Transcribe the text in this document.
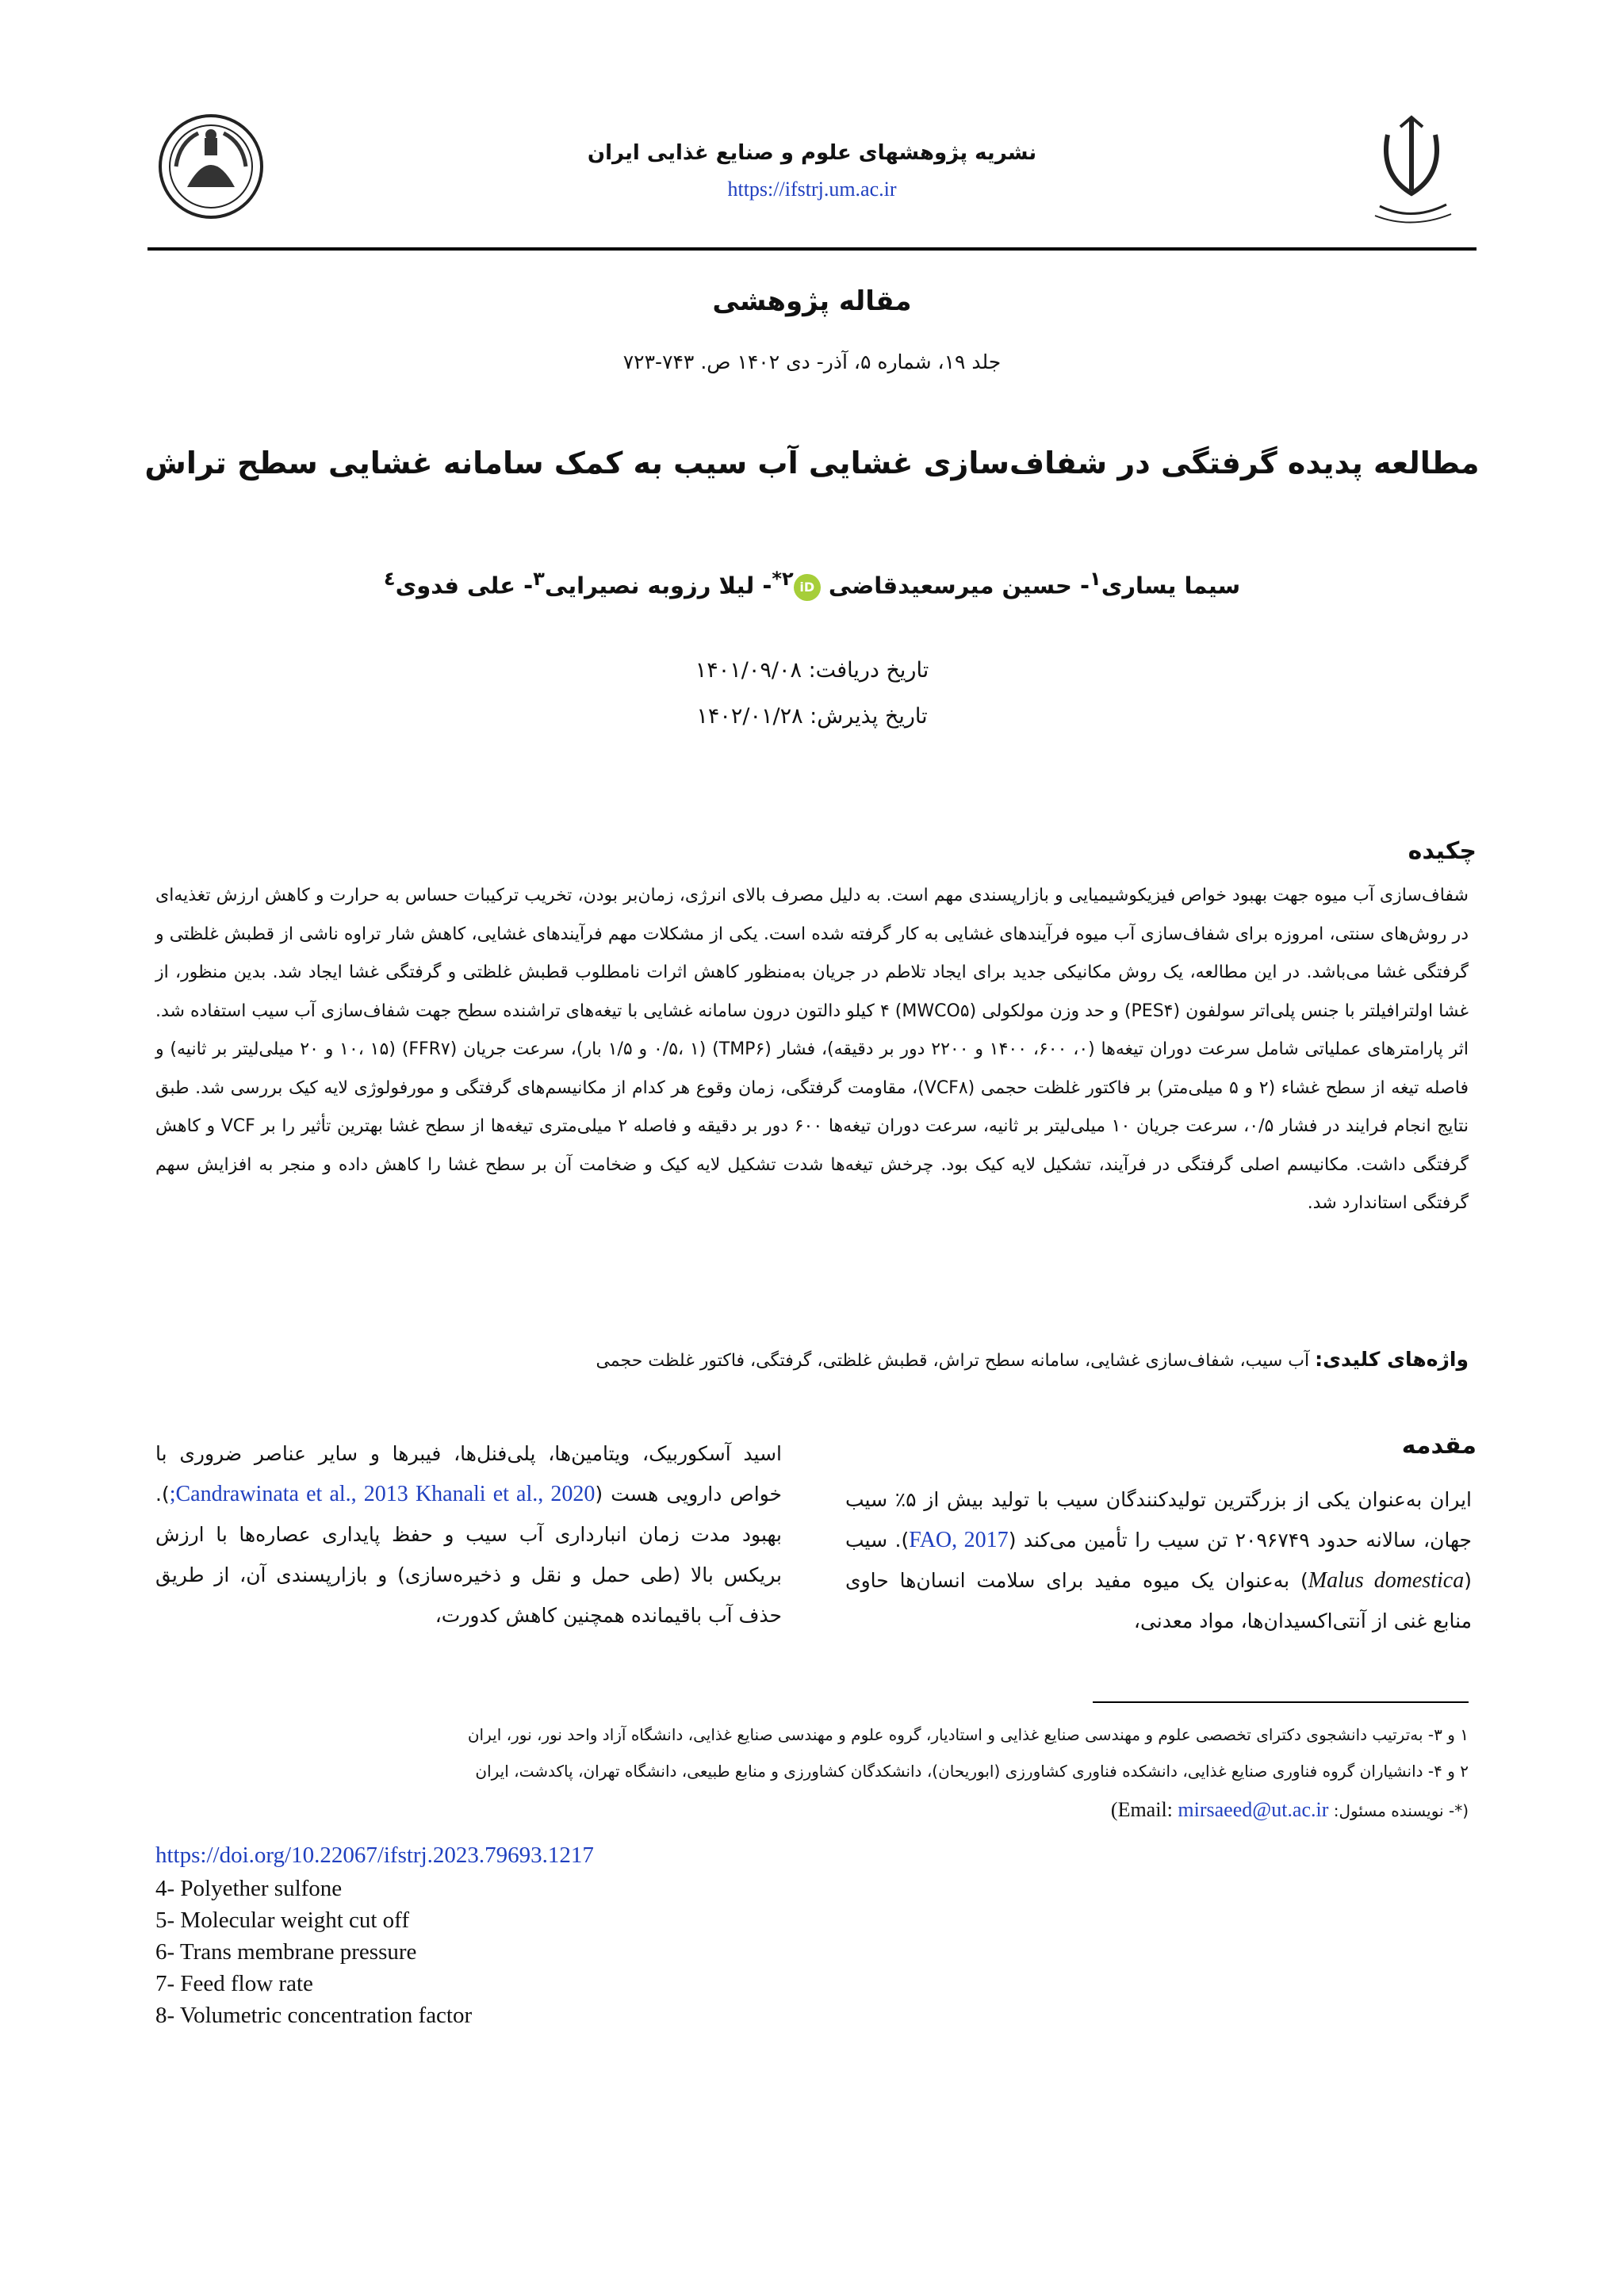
نشریه پژوهشهای علوم و صنایع غذایی ایران
https://ifstrj.um.ac.ir
مقاله پژوهشی
جلد ۱۹، شماره ۵، آذر- دی ۱۴۰۲ ص. ۷۴۳-۷۲۳
مطالعه پدیده گرفتگی در شفاف‌سازی غشایی آب سیب به کمک سامانه غشایی سطح تراش
سیما یساری$^۱$- حسین میرسعیدقاضی $iD^{۲*}-$ لیلا رزوبه نصیرایی$^۳$- علی فدوی$^٤$
تاریخ دریافت: ۱۴۰۱/۰۹/۰۸
تاریخ پذیرش: ۱۴۰۲/۰۱/۲۸
چکیده
شفاف‌سازی آب میوه جهت بهبود خواص فیزیکوشیمیایی و بازارپسندی مهم است. به دلیل مصرف بالای انرژی، زمان‌بر بودن، تخریب ترکیبات حساس به حرارت و کاهش ارزش تغذیه‌ای در روش‌های سنتی، امروزه برای شفاف‌سازی آب میوه فرآیندهای غشایی به کار گرفته شده است. یکی از مشکلات مهم فرآیندهای غشایی، کاهش شار تراوه ناشی از قطبش غلظتی و گرفتگی غشا می‌باشد. در این مطالعه، یک روش مکانیکی جدید برای ایجاد تلاطم در جریان به‌منظور کاهش اثرات نامطلوب قطبش غلظتی و گرفتگی غشا ایجاد شد. بدین منظور، از غشا اولترافیلتر با جنس پلی‌اتر سولفون (PES۴) و حد وزن مولکولی (MWCO۵) ۴ کیلو دالتون درون سامانه غشایی با تیغه‌های تراشنده سطح جهت شفاف‌سازی آب سیب استفاده شد. اثر پارامترهای عملیاتی شامل سرعت دوران تیغه‌ها (۰، ۶۰۰، ۱۴۰۰ و ۲۲۰۰ دور بر دقیقه)، فشار (TMP۶) (۰/۵، ۱ و ۱/۵ بار)، سرعت جریان (FFR۷) (۱۰، ۱۵ و ۲۰ میلی‌لیتر بر ثانیه) و فاصله تیغه از سطح غشاء (۲ و ۵ میلی‌متر) بر فاکتور غلظت حجمی (VCF۸)، مقاومت گرفتگی، زمان وقوع هر کدام از مکانیسم‌های گرفتگی و مورفولوژی لایه کیک بررسی شد. طبق نتایج انجام فرایند در فشار ۰/۵، سرعت جریان ۱۰ میلی‌لیتر بر ثانیه، سرعت دوران تیغه‌ها ۶۰۰ دور بر دقیقه و فاصله ۲ میلی‌متری تیغه‌ها از سطح غشا بهترین تأثیر را بر VCF و کاهش گرفتگی داشت. مکانیسم اصلی گرفتگی در فرآیند، تشکیل لایه کیک بود. چرخش تیغه‌ها شدت تشکیل لایه کیک و ضخامت آن بر سطح غشا را کاهش داده و منجر به افزایش سهم گرفتگی استاندارد شد.
واژه‌های کلیدی: آب سیب، شفاف‌سازی غشایی، سامانه سطح تراش، قطبش غلظتی، گرفتگی، فاکتور غلظت حجمی
مقدمه
ایران به‌عنوان یکی از بزرگترین تولیدکنندگان سیب با تولید بیش از ۵٪ سیب جهان، سالانه حدود ۲۰۹۶۷۴۹ تن سیب را تأمین می‌کند (FAO, 2017). سیب (Malus domestica) به‌عنوان یک میوه مفید برای سلامت انسان‌ها حاوی منابع غنی از آنتی‌اکسیدان‌ها، مواد معدنی،
اسید آسکوربیک، ویتامین‌ها، پلی‌فنل‌ها، فیبرها و سایر عناصر ضروری با خواص دارویی هست (Candrawinata et al., 2013 Khanali et al., 2020;). بهبود مدت زمان انبارداری آب سیب و حفظ پایداری عصاره‌ها با ارزش بریکس بالا (طی حمل و نقل و ذخیره‌سازی) و بازارپسندی آن، از طریق حذف آب باقیمانده همچنین کاهش کدورت،
۱ و ۳- به‌ترتیب دانشجوی دکترای تخصصی علوم و مهندسی صنایع غذایی و استادیار، گروه علوم و مهندسی صنایع غذایی، دانشگاه آزاد واحد نور، نور، ایران
۲ و ۴- دانشیاران گروه فناوری صنایع غذایی، دانشکده فناوری کشاورزی (ابوریحان)، دانشکدگان کشاورزی و منابع طبیعی، دانشگاه تهران، پاکدشت، ایران
(*- نویسنده مسئول: (Email: mirsaeed@ut.ac.ir
https://doi.org/10.22067/ifstrj.2023.79693.1217
4- Polyether sulfone
5- Molecular weight cut off
6- Trans membrane pressure
7- Feed flow rate
8- Volumetric concentration factor
